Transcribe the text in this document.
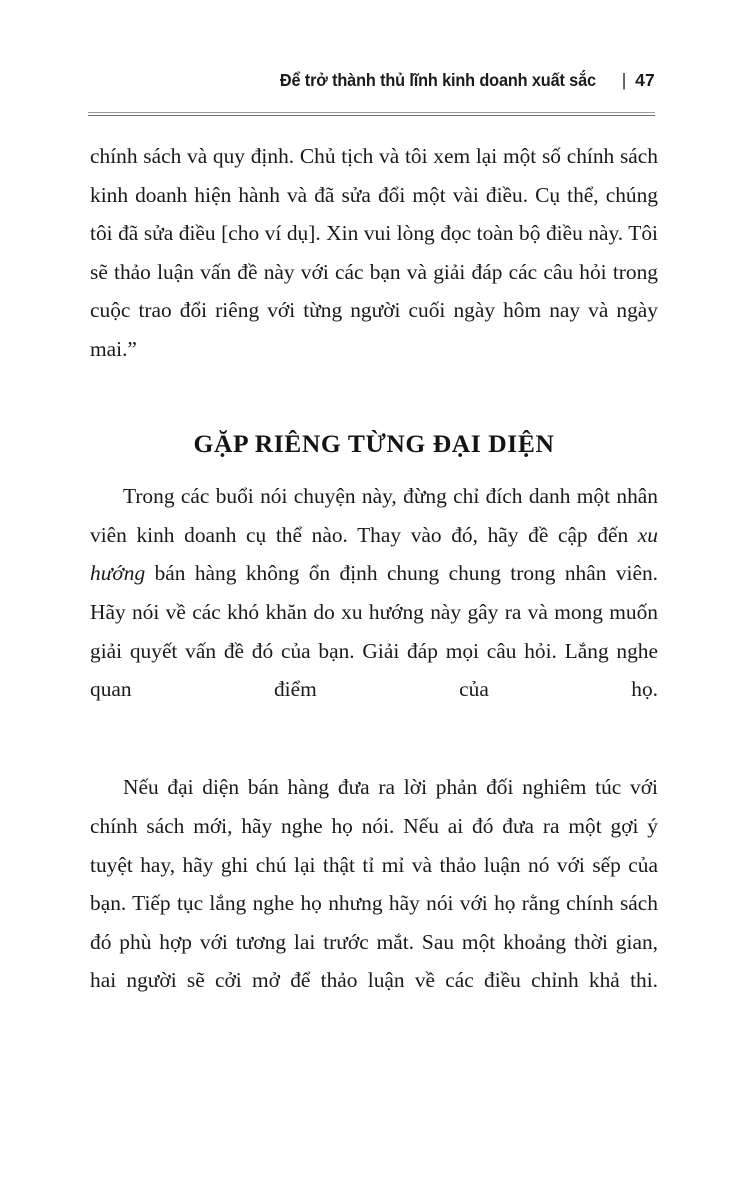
Để trở thành thủ lĩnh kinh doanh xuất sắc | 47

chính sách và quy định. Chủ tịch và tôi xem lại một số chính sách kinh doanh hiện hành và đã sửa đổi một vài điều. Cụ thể, chúng tôi đã sửa điều [cho ví dụ]. Xin vui lòng đọc toàn bộ điều này. Tôi sẽ thảo luận vấn đề này với các bạn và giải đáp các câu hỏi trong cuộc trao đổi riêng với từng người cuối ngày hôm nay và ngày mai.”

GẶP RIÊNG TỪNG ĐẠI DIỆN

Trong các buổi nói chuyện này, đừng chỉ đích danh một nhân viên kinh doanh cụ thể nào. Thay vào đó, hãy đề cập đến xu hướng bán hàng không ổn định chung chung trong nhân viên. Hãy nói về các khó khăn do xu hướng này gây ra và mong muốn giải quyết vấn đề đó của bạn. Giải đáp mọi câu hỏi. Lắng nghe quan điểm của họ.

Nếu đại diện bán hàng đưa ra lời phản đối nghiêm túc với chính sách mới, hãy nghe họ nói. Nếu ai đó đưa ra một gợi ý tuyệt hay, hãy ghi chú lại thật tỉ mỉ và thảo luận nó với sếp của bạn. Tiếp tục lắng nghe họ nhưng hãy nói với họ rằng chính sách đó phù hợp với tương lai trước mắt. Sau một khoảng thời gian, hai người sẽ cởi mở để thảo luận về các điều chỉnh khả thi.
